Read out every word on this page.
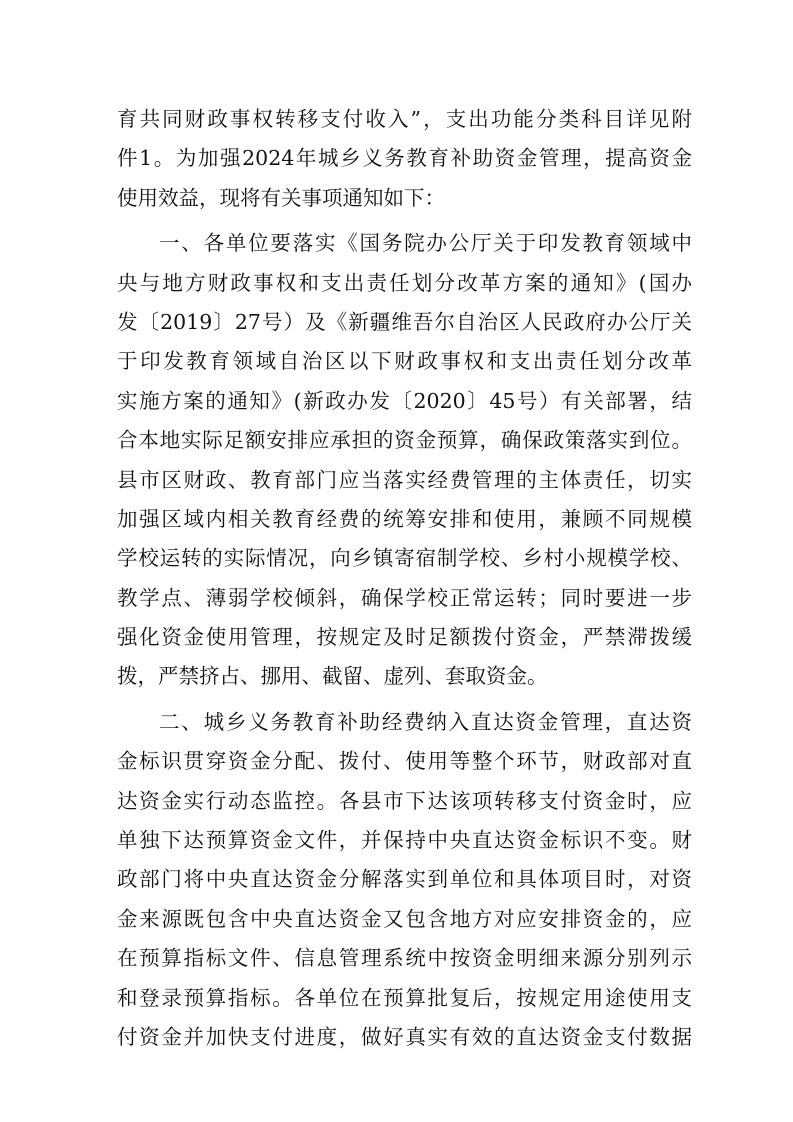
育共同财政事权转移支付收入”，支出功能分类科目详见附
件1。为加强2024年城乡义务教育补助资金管理，提高资金
使用效益，现将有关事项通知如下：
一、各单位要落实《国务院办公厅关于印发教育领域中
央与地方财政事权和支出责任划分改革方案的通知》(国办
发〔2019〕27号）及《新疆维吾尔自治区人民政府办公厅关
于印发教育领域自治区以下财政事权和支出责任划分改革
实施方案的通知》(新政办发〔2020〕45号）有关部署，结
合本地实际足额安排应承担的资金预算，确保政策落实到位。
县市区财政、教育部门应当落实经费管理的主体责任，切实
加强区域内相关教育经费的统筹安排和使用，兼顾不同规模
学校运转的实际情况，向乡镇寄宿制学校、乡村小规模学校、
教学点、薄弱学校倾斜，确保学校正常运转；同时要进一步
强化资金使用管理，按规定及时足额拨付资金，严禁滞拨缓
拨，严禁挤占、挪用、截留、虚列、套取资金。
二、城乡义务教育补助经费纳入直达资金管理，直达资
金标识贯穿资金分配、拨付、使用等整个环节，财政部对直
达资金实行动态监控。各县市下达该项转移支付资金时，应
单独下达预算资金文件，并保持中央直达资金标识不变。财
政部门将中央直达资金分解落实到单位和具体项目时，对资
金来源既包含中央直达资金又包含地方对应安排资金的，应
在预算指标文件、信息管理系统中按资金明细来源分别列示
和登录预算指标。各单位在预算批复后，按规定用途使用支
付资金并加快支付进度，做好真实有效的直达资金支付数据
